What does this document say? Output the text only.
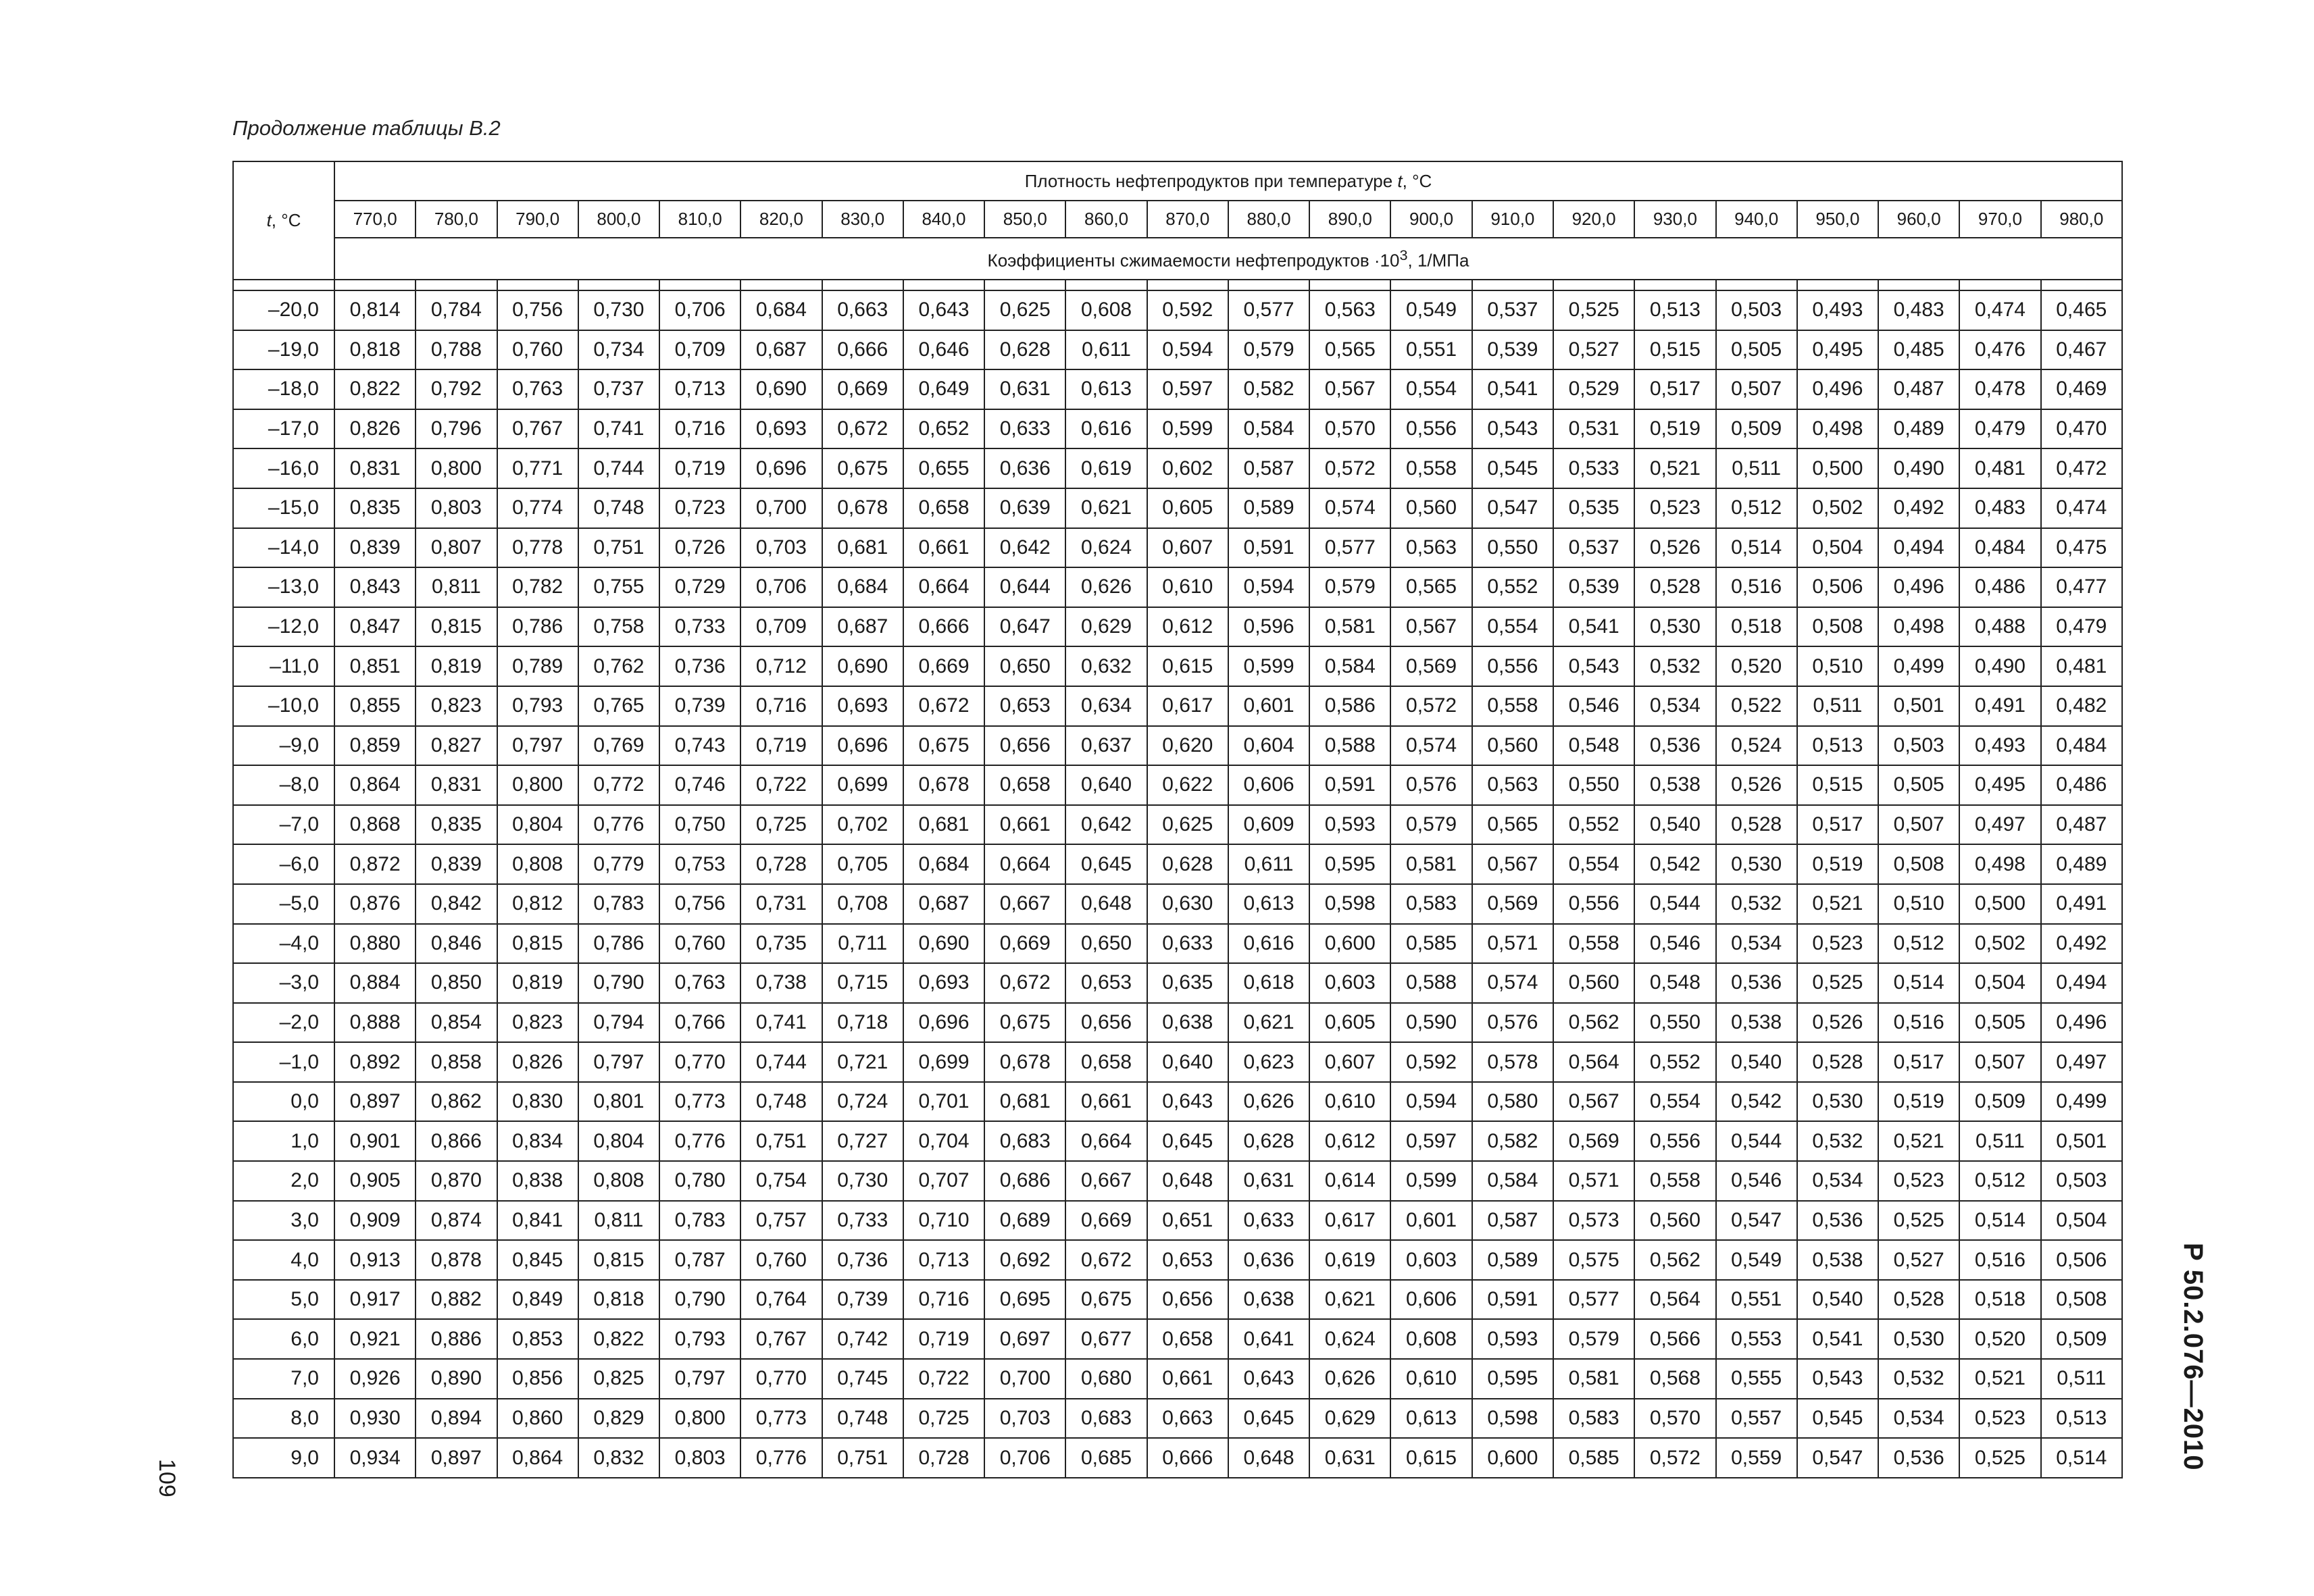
Продолжение таблицы В.2
t, °C	Плотность нефтепродуктов при температуре t, °С																					
	770,0	780,0	790,0	800,0	810,0	820,0	830,0	840,0	850,0	860,0	870,0	880,0	890,0	900,0	910,0	920,0	930,0	940,0	950,0	960,0	970,0	980,0
	Коэффициенты сжимаемости нефтепродуктов $\cdot 10^3$, 1/МПа																					

–20,0	0,814	0,784	0,756	0,730	0,706	0,684	0,663	0,643	0,625	0,608	0,592	0,577	0,563	0,549	0,537	0,525	0,513	0,503	0,493	0,483	0,474	0,465
–19,0	0,818	0,788	0,760	0,734	0,709	0,687	0,666	0,646	0,628	0,611	0,594	0,579	0,565	0,551	0,539	0,527	0,515	0,505	0,495	0,485	0,476	0,467
–18,0	0,822	0,792	0,763	0,737	0,713	0,690	0,669	0,649	0,631	0,613	0,597	0,582	0,567	0,554	0,541	0,529	0,517	0,507	0,496	0,487	0,478	0,469
–17,0	0,826	0,796	0,767	0,741	0,716	0,693	0,672	0,652	0,633	0,616	0,599	0,584	0,570	0,556	0,543	0,531	0,519	0,509	0,498	0,489	0,479	0,470
–16,0	0,831	0,800	0,771	0,744	0,719	0,696	0,675	0,655	0,636	0,619	0,602	0,587	0,572	0,558	0,545	0,533	0,521	0,511	0,500	0,490	0,481	0,472
–15,0	0,835	0,803	0,774	0,748	0,723	0,700	0,678	0,658	0,639	0,621	0,605	0,589	0,574	0,560	0,547	0,535	0,523	0,512	0,502	0,492	0,483	0,474
–14,0	0,839	0,807	0,778	0,751	0,726	0,703	0,681	0,661	0,642	0,624	0,607	0,591	0,577	0,563	0,550	0,537	0,526	0,514	0,504	0,494	0,484	0,475
–13,0	0,843	0,811	0,782	0,755	0,729	0,706	0,684	0,664	0,644	0,626	0,610	0,594	0,579	0,565	0,552	0,539	0,528	0,516	0,506	0,496	0,486	0,477
–12,0	0,847	0,815	0,786	0,758	0,733	0,709	0,687	0,666	0,647	0,629	0,612	0,596	0,581	0,567	0,554	0,541	0,530	0,518	0,508	0,498	0,488	0,479
–11,0	0,851	0,819	0,789	0,762	0,736	0,712	0,690	0,669	0,650	0,632	0,615	0,599	0,584	0,569	0,556	0,543	0,532	0,520	0,510	0,499	0,490	0,481
–10,0	0,855	0,823	0,793	0,765	0,739	0,716	0,693	0,672	0,653	0,634	0,617	0,601	0,586	0,572	0,558	0,546	0,534	0,522	0,511	0,501	0,491	0,482
–9,0	0,859	0,827	0,797	0,769	0,743	0,719	0,696	0,675	0,656	0,637	0,620	0,604	0,588	0,574	0,560	0,548	0,536	0,524	0,513	0,503	0,493	0,484
–8,0	0,864	0,831	0,800	0,772	0,746	0,722	0,699	0,678	0,658	0,640	0,622	0,606	0,591	0,576	0,563	0,550	0,538	0,526	0,515	0,505	0,495	0,486
–7,0	0,868	0,835	0,804	0,776	0,750	0,725	0,702	0,681	0,661	0,642	0,625	0,609	0,593	0,579	0,565	0,552	0,540	0,528	0,517	0,507	0,497	0,487
–6,0	0,872	0,839	0,808	0,779	0,753	0,728	0,705	0,684	0,664	0,645	0,628	0,611	0,595	0,581	0,567	0,554	0,542	0,530	0,519	0,508	0,498	0,489
–5,0	0,876	0,842	0,812	0,783	0,756	0,731	0,708	0,687	0,667	0,648	0,630	0,613	0,598	0,583	0,569	0,556	0,544	0,532	0,521	0,510	0,500	0,491
–4,0	0,880	0,846	0,815	0,786	0,760	0,735	0,711	0,690	0,669	0,650	0,633	0,616	0,600	0,585	0,571	0,558	0,546	0,534	0,523	0,512	0,502	0,492
–3,0	0,884	0,850	0,819	0,790	0,763	0,738	0,715	0,693	0,672	0,653	0,635	0,618	0,603	0,588	0,574	0,560	0,548	0,536	0,525	0,514	0,504	0,494
–2,0	0,888	0,854	0,823	0,794	0,766	0,741	0,718	0,696	0,675	0,656	0,638	0,621	0,605	0,590	0,576	0,562	0,550	0,538	0,526	0,516	0,505	0,496
–1,0	0,892	0,858	0,826	0,797	0,770	0,744	0,721	0,699	0,678	0,658	0,640	0,623	0,607	0,592	0,578	0,564	0,552	0,540	0,528	0,517	0,507	0,497
0,0	0,897	0,862	0,830	0,801	0,773	0,748	0,724	0,701	0,681	0,661	0,643	0,626	0,610	0,594	0,580	0,567	0,554	0,542	0,530	0,519	0,509	0,499
1,0	0,901	0,866	0,834	0,804	0,776	0,751	0,727	0,704	0,683	0,664	0,645	0,628	0,612	0,597	0,582	0,569	0,556	0,544	0,532	0,521	0,511	0,501
2,0	0,905	0,870	0,838	0,808	0,780	0,754	0,730	0,707	0,686	0,667	0,648	0,631	0,614	0,599	0,584	0,571	0,558	0,546	0,534	0,523	0,512	0,503
3,0	0,909	0,874	0,841	0,811	0,783	0,757	0,733	0,710	0,689	0,669	0,651	0,633	0,617	0,601	0,587	0,573	0,560	0,547	0,536	0,525	0,514	0,504
4,0	0,913	0,878	0,845	0,815	0,787	0,760	0,736	0,713	0,692	0,672	0,653	0,636	0,619	0,603	0,589	0,575	0,562	0,549	0,538	0,527	0,516	0,506
5,0	0,917	0,882	0,849	0,818	0,790	0,764	0,739	0,716	0,695	0,675	0,656	0,638	0,621	0,606	0,591	0,577	0,564	0,551	0,540	0,528	0,518	0,508
6,0	0,921	0,886	0,853	0,822	0,793	0,767	0,742	0,719	0,697	0,677	0,658	0,641	0,624	0,608	0,593	0,579	0,566	0,553	0,541	0,530	0,520	0,509
7,0	0,926	0,890	0,856	0,825	0,797	0,770	0,745	0,722	0,700	0,680	0,661	0,643	0,626	0,610	0,595	0,581	0,568	0,555	0,543	0,532	0,521	0,511
8,0	0,930	0,894	0,860	0,829	0,800	0,773	0,748	0,725	0,703	0,683	0,663	0,645	0,629	0,613	0,598	0,583	0,570	0,557	0,545	0,534	0,523	0,513
9,0	0,934	0,897	0,864	0,832	0,803	0,776	0,751	0,728	0,706	0,685	0,666	0,648	0,631	0,615	0,600	0,585	0,572	0,559	0,547	0,536	0,525	0,514
109
Р 50.2.076—2010
